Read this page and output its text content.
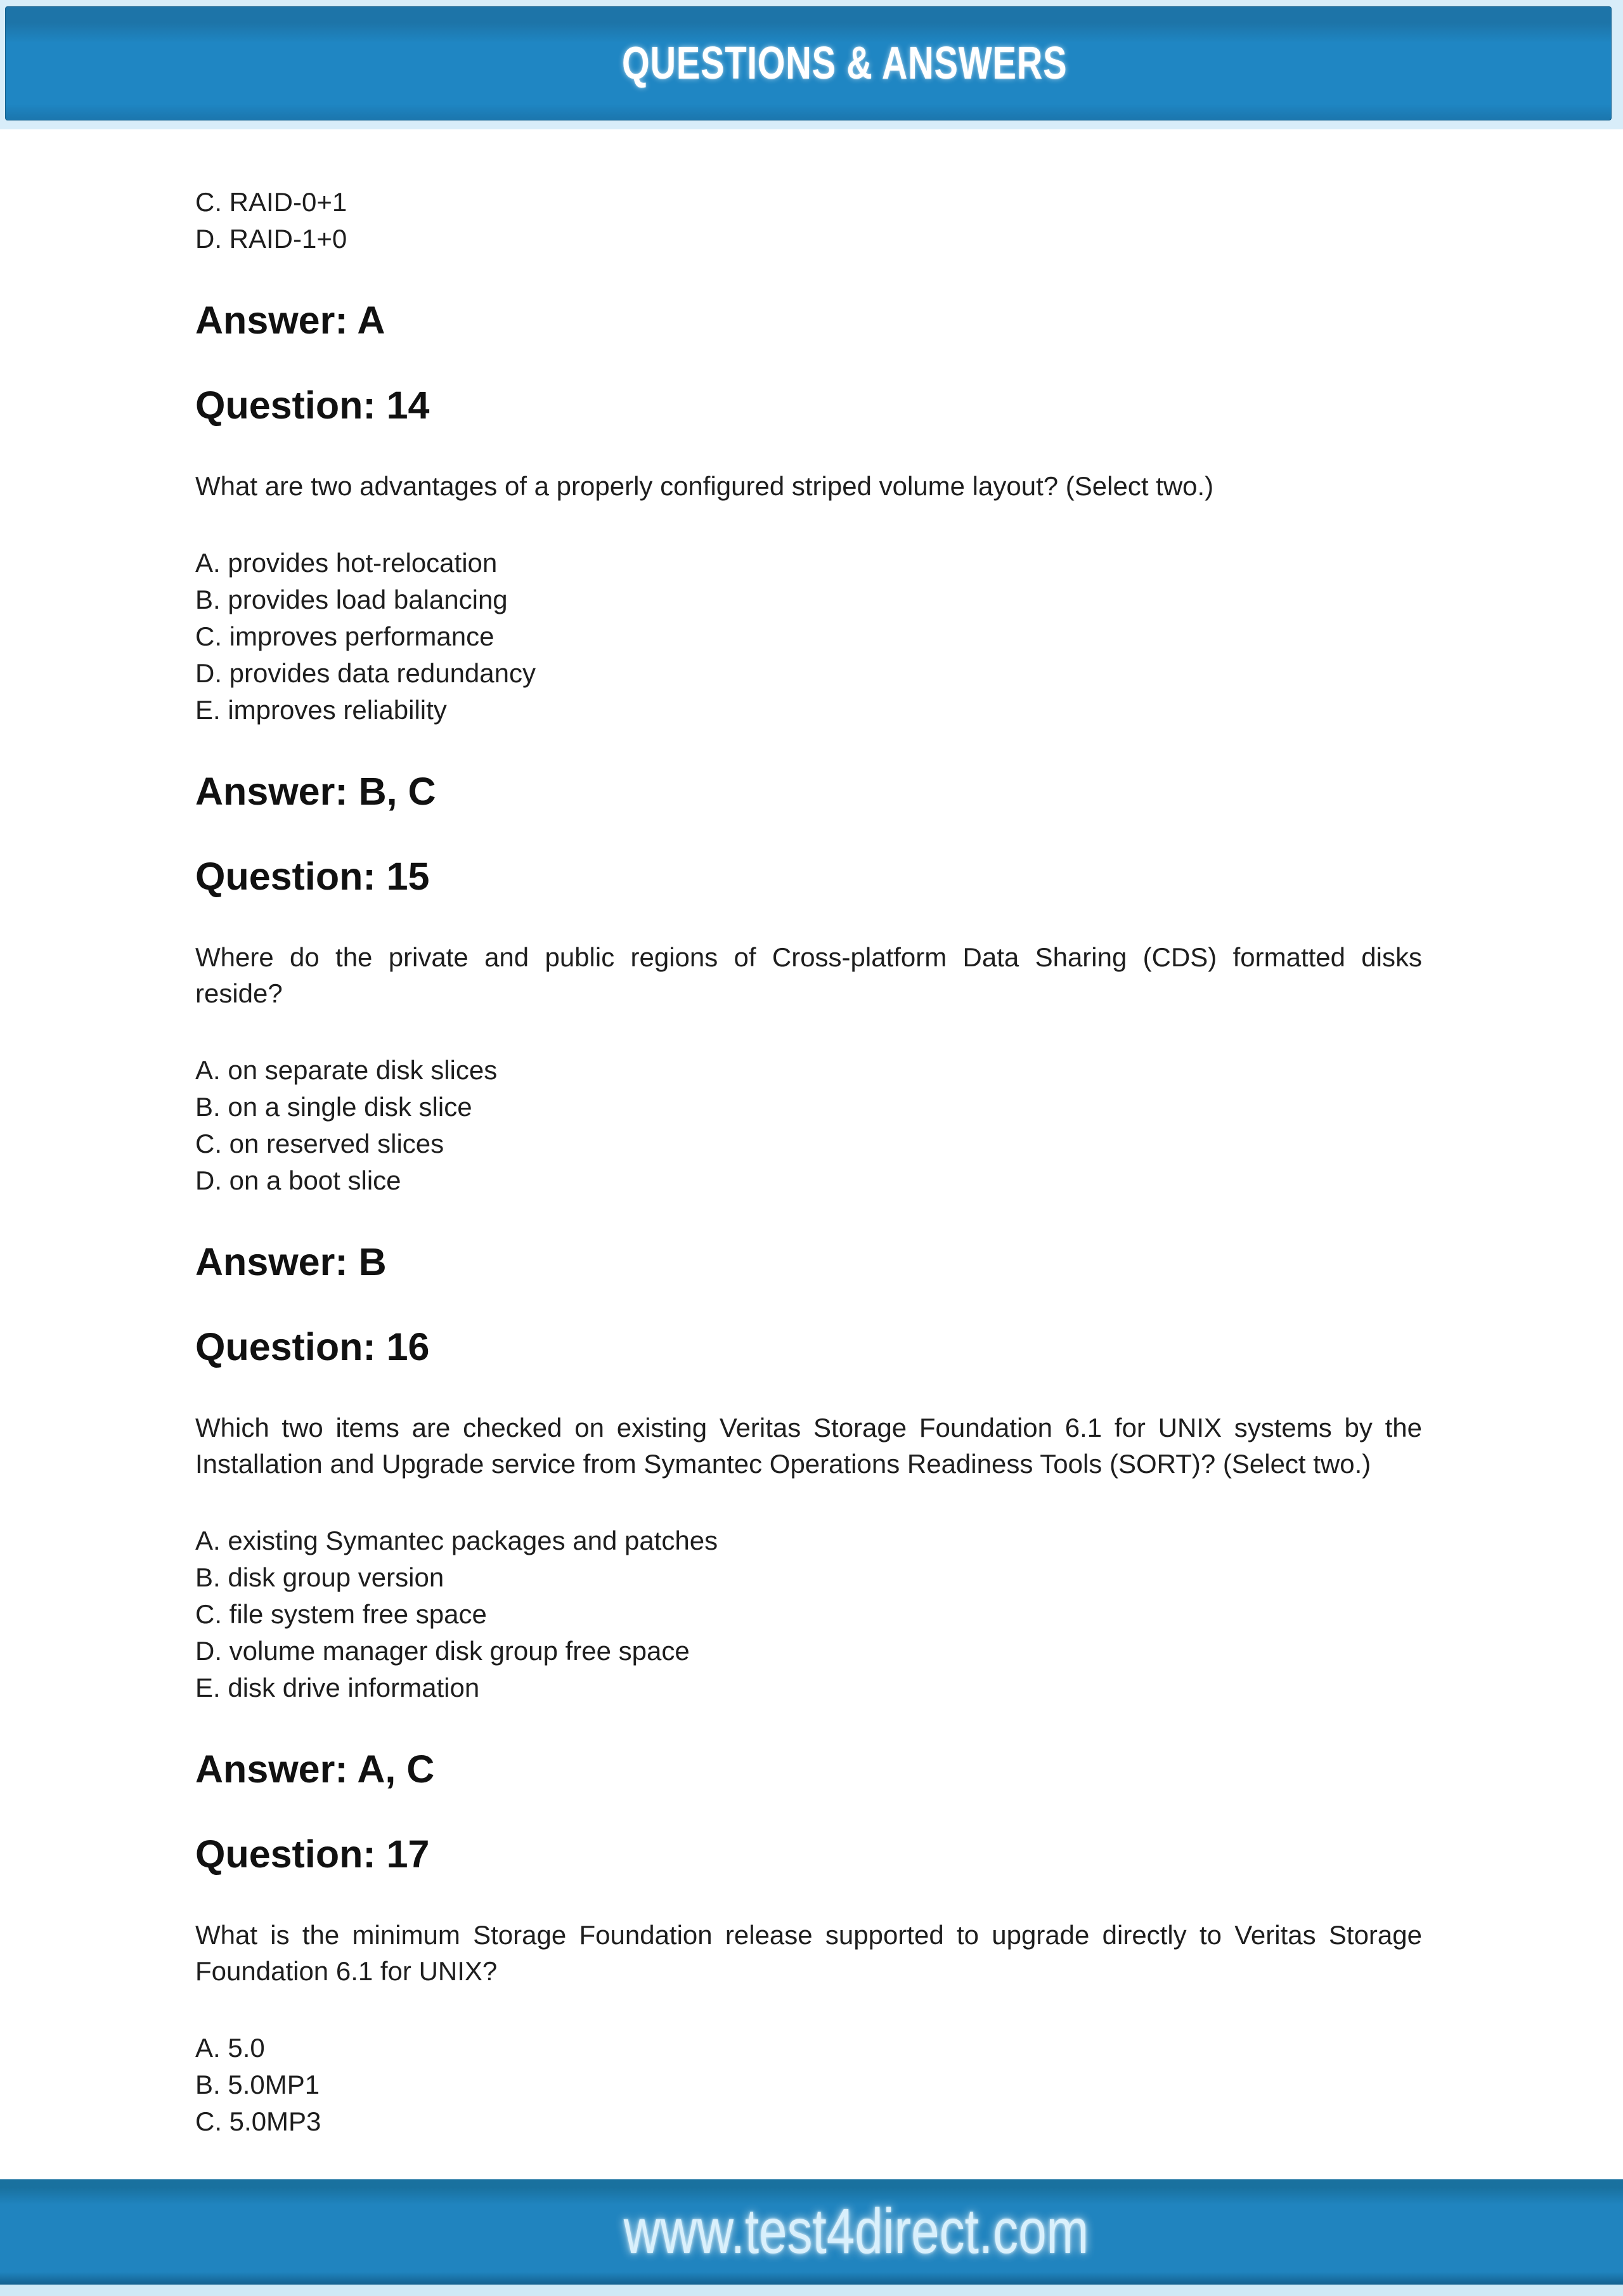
QUESTIONS & ANSWERS
C. RAID-0+1
D. RAID-1+0
Answer: A
Question: 14
What are two advantages of a properly configured striped volume layout? (Select two.)
A. provides hot-relocation
B. provides load balancing
C. improves performance
D. provides data redundancy
E. improves reliability
Answer: B, C
Question: 15
Where do the private and public regions of Cross-platform Data Sharing (CDS) formatted disks
reside?
A. on separate disk slices
B. on a single disk slice
C. on reserved slices
D. on a boot slice
Answer: B
Question: 16
Which two items are checked on existing Veritas Storage Foundation 6.1 for UNIX systems by the
Installation and Upgrade service from Symantec Operations Readiness Tools (SORT)? (Select two.)
A. existing Symantec packages and patches
B. disk group version
C. file system free space
D. volume manager disk group free space
E. disk drive information
Answer: A, C
Question: 17
What is the minimum Storage Foundation release supported to upgrade directly to Veritas Storage
Foundation 6.1 for UNIX?
A. 5.0
B. 5.0MP1
C. 5.0MP3
www.test4direct.com
